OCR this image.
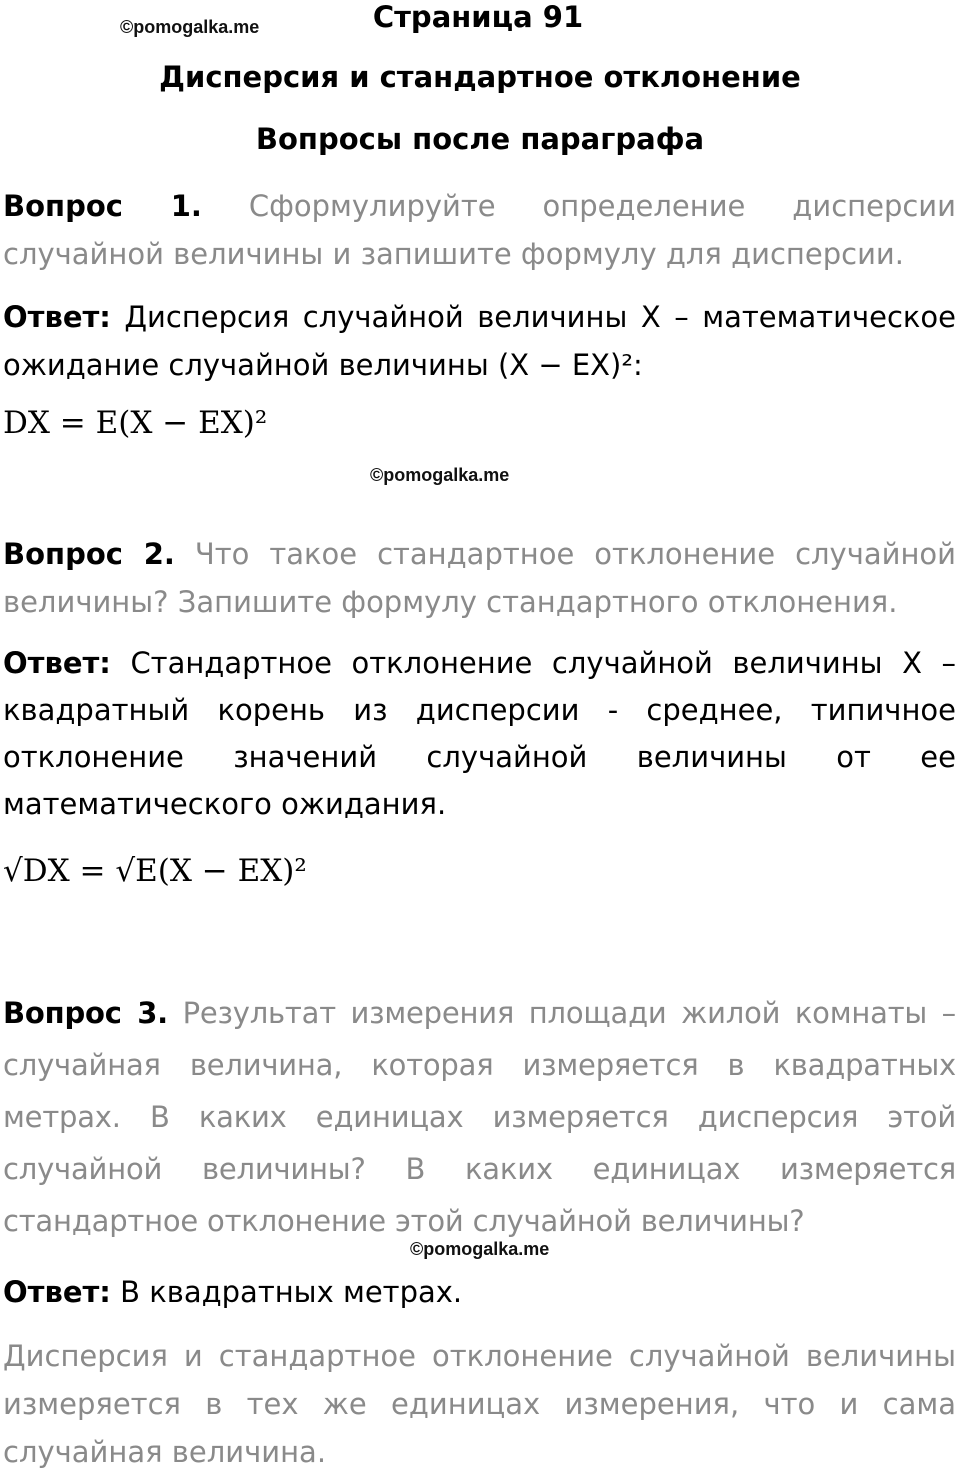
©pomogalka.me	Страница 91
Дисперсия и стандартное отклонение
Вопросы после параграфа
Вопрос 1. Сформулируйте определение дисперсии случайной величины и запишите формулу для дисперсии.
Ответ: Дисперсия случайной величины X – математическое ожидание случайной величины (X − EX)²:
DX = E(X − EX)²
©pomogalka.me
Вопрос 2. Что такое стандартное отклонение случайной величины? Запишите формулу стандартного отклонения.
Ответ: Стандартное отклонение случайной величины X – квадратный корень из дисперсии - среднее, типичное отклонение значений случайной величины от ее математического ожидания.
√DX = √E(X − EX)²
Вопрос 3. Результат измерения площади жилой комнаты – случайная величина, которая измеряется в квадратных метрах. В каких единицах измеряется дисперсия этой случайной величины? В каких единицах измеряется стандартное отклонение этой случайной величины?
©pomogalka.me
Ответ: В квадратных метрах.
Дисперсия и стандартное отклонение случайной величины измеряется в тех же единицах измерения, что и сама случайная величина.
